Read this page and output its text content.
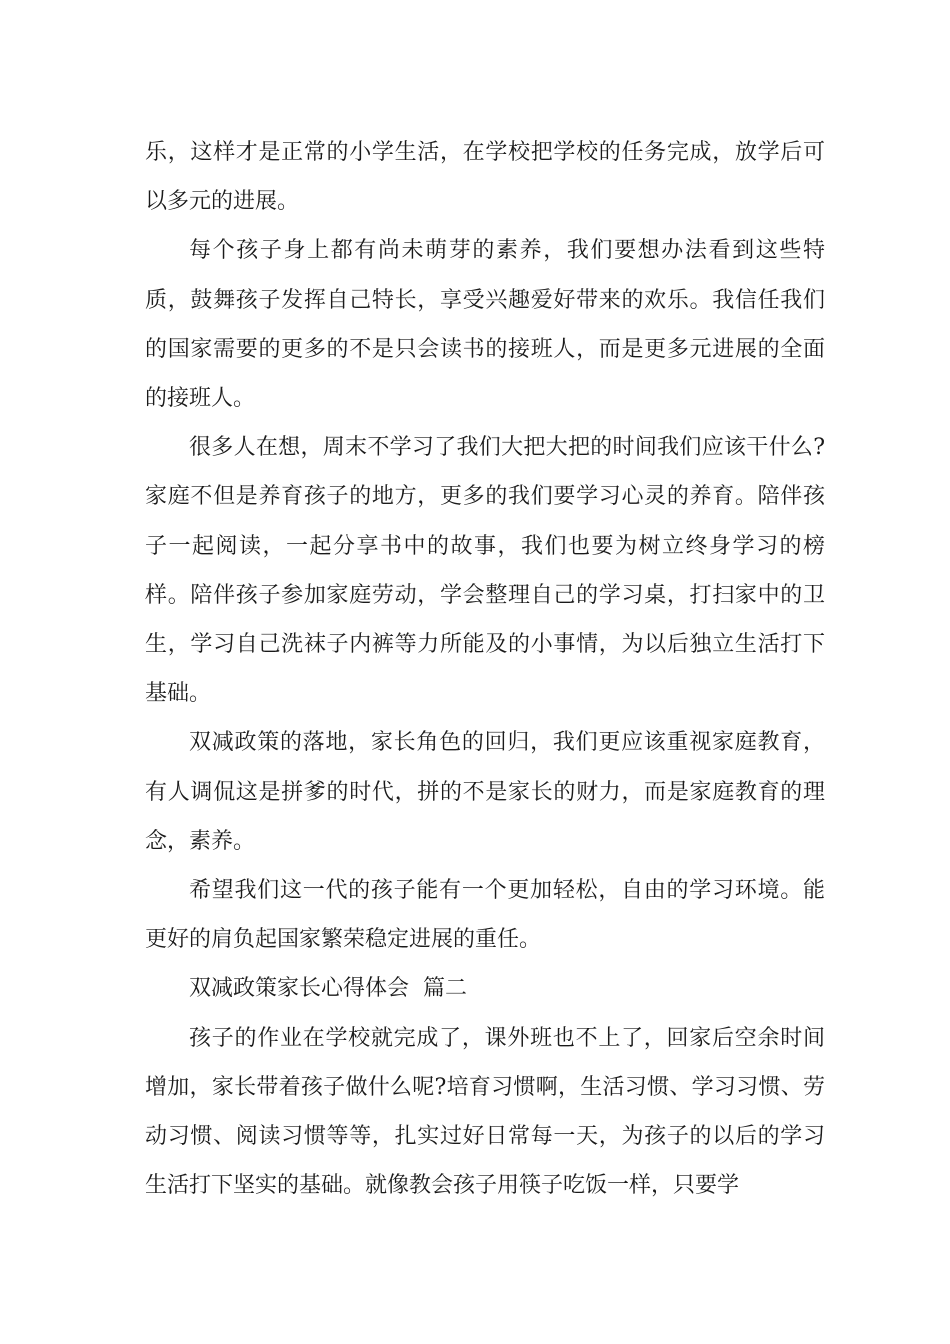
乐，这样才是正常的小学生活，在学校把学校的任务完成，放学后可以多元的进展。

每个孩子身上都有尚未萌芽的素养，我们要想办法看到这些特质，鼓舞孩子发挥自己特长，享受兴趣爱好带来的欢乐。我信任我们的国家需要的更多的不是只会读书的接班人，而是更多元进展的全面的接班人。

很多人在想，周末不学习了我们大把大把的时间我们应该干什么?家庭不但是养育孩子的地方，更多的我们要学习心灵的养育。陪伴孩子一起阅读，一起分享书中的故事，我们也要为树立终身学习的榜样。陪伴孩子参加家庭劳动，学会整理自己的学习桌，打扫家中的卫生，学习自己洗袜子内裤等力所能及的小事情，为以后独立生活打下基础。

双减政策的落地，家长角色的回归，我们更应该重视家庭教育，有人调侃这是拼爹的时代，拼的不是家长的财力，而是家庭教育的理念，素养。

希望我们这一代的孩子能有一个更加轻松，自由的学习环境。能更好的肩负起国家繁荣稳定进展的重任。

双减政策家长心得体会  篇二

孩子的作业在学校就完成了，课外班也不上了，回家后空余时间增加，家长带着孩子做什么呢?培育习惯啊，生活习惯、学习习惯、劳动习惯、阅读习惯等等，扎实过好日常每一天，为孩子的以后的学习生活打下坚实的基础。就像教会孩子用筷子吃饭一样，只要学
